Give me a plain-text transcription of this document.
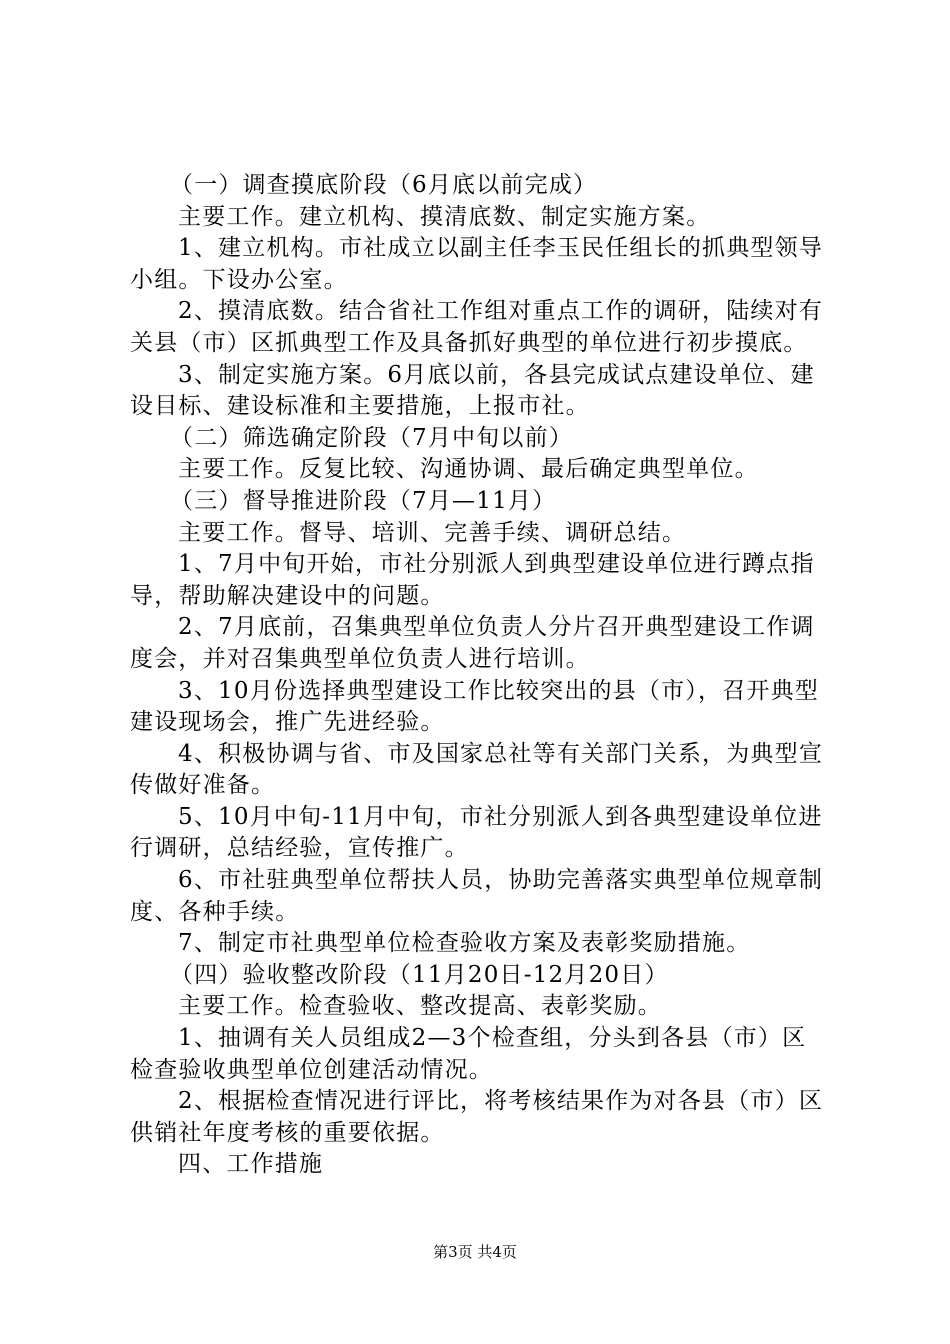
（一）调查摸底阶段（6月底以前完成）

主要工作。建立机构、摸清底数、制定实施方案。

1、建立机构。市社成立以副主任李玉民任组长的抓典型领导小组。下设办公室。

2、摸清底数。结合省社工作组对重点工作的调研，陆续对有关县（市）区抓典型工作及具备抓好典型的单位进行初步摸底。

3、制定实施方案。6月底以前，各县完成试点建设单位、建设目标、建设标准和主要措施，上报市社。

（二）筛选确定阶段（7月中旬以前）

主要工作。反复比较、沟通协调、最后确定典型单位。

（三）督导推进阶段（7月—11月）

主要工作。督导、培训、完善手续、调研总结。

1、7月中旬开始，市社分别派人到典型建设单位进行蹲点指导，帮助解决建设中的问题。

2、7月底前，召集典型单位负责人分片召开典型建设工作调度会，并对召集典型单位负责人进行培训。

3、10月份选择典型建设工作比较突出的县（市），召开典型建设现场会，推广先进经验。

4、积极协调与省、市及国家总社等有关部门关系，为典型宣传做好准备。

5、10月中旬-11月中旬，市社分别派人到各典型建设单位进行调研，总结经验，宣传推广。

6、市社驻典型单位帮扶人员，协助完善落实典型单位规章制度、各种手续。

7、制定市社典型单位检查验收方案及表彰奖励措施。

（四）验收整改阶段（11月20日-12月20日）

主要工作。检查验收、整改提高、表彰奖励。

1、抽调有关人员组成2—3个检查组，分头到各县（市）区检查验收典型单位创建活动情况。

2、根据检查情况进行评比，将考核结果作为对各县（市）区供销社年度考核的重要依据。

四、工作措施

第3页 共4页
